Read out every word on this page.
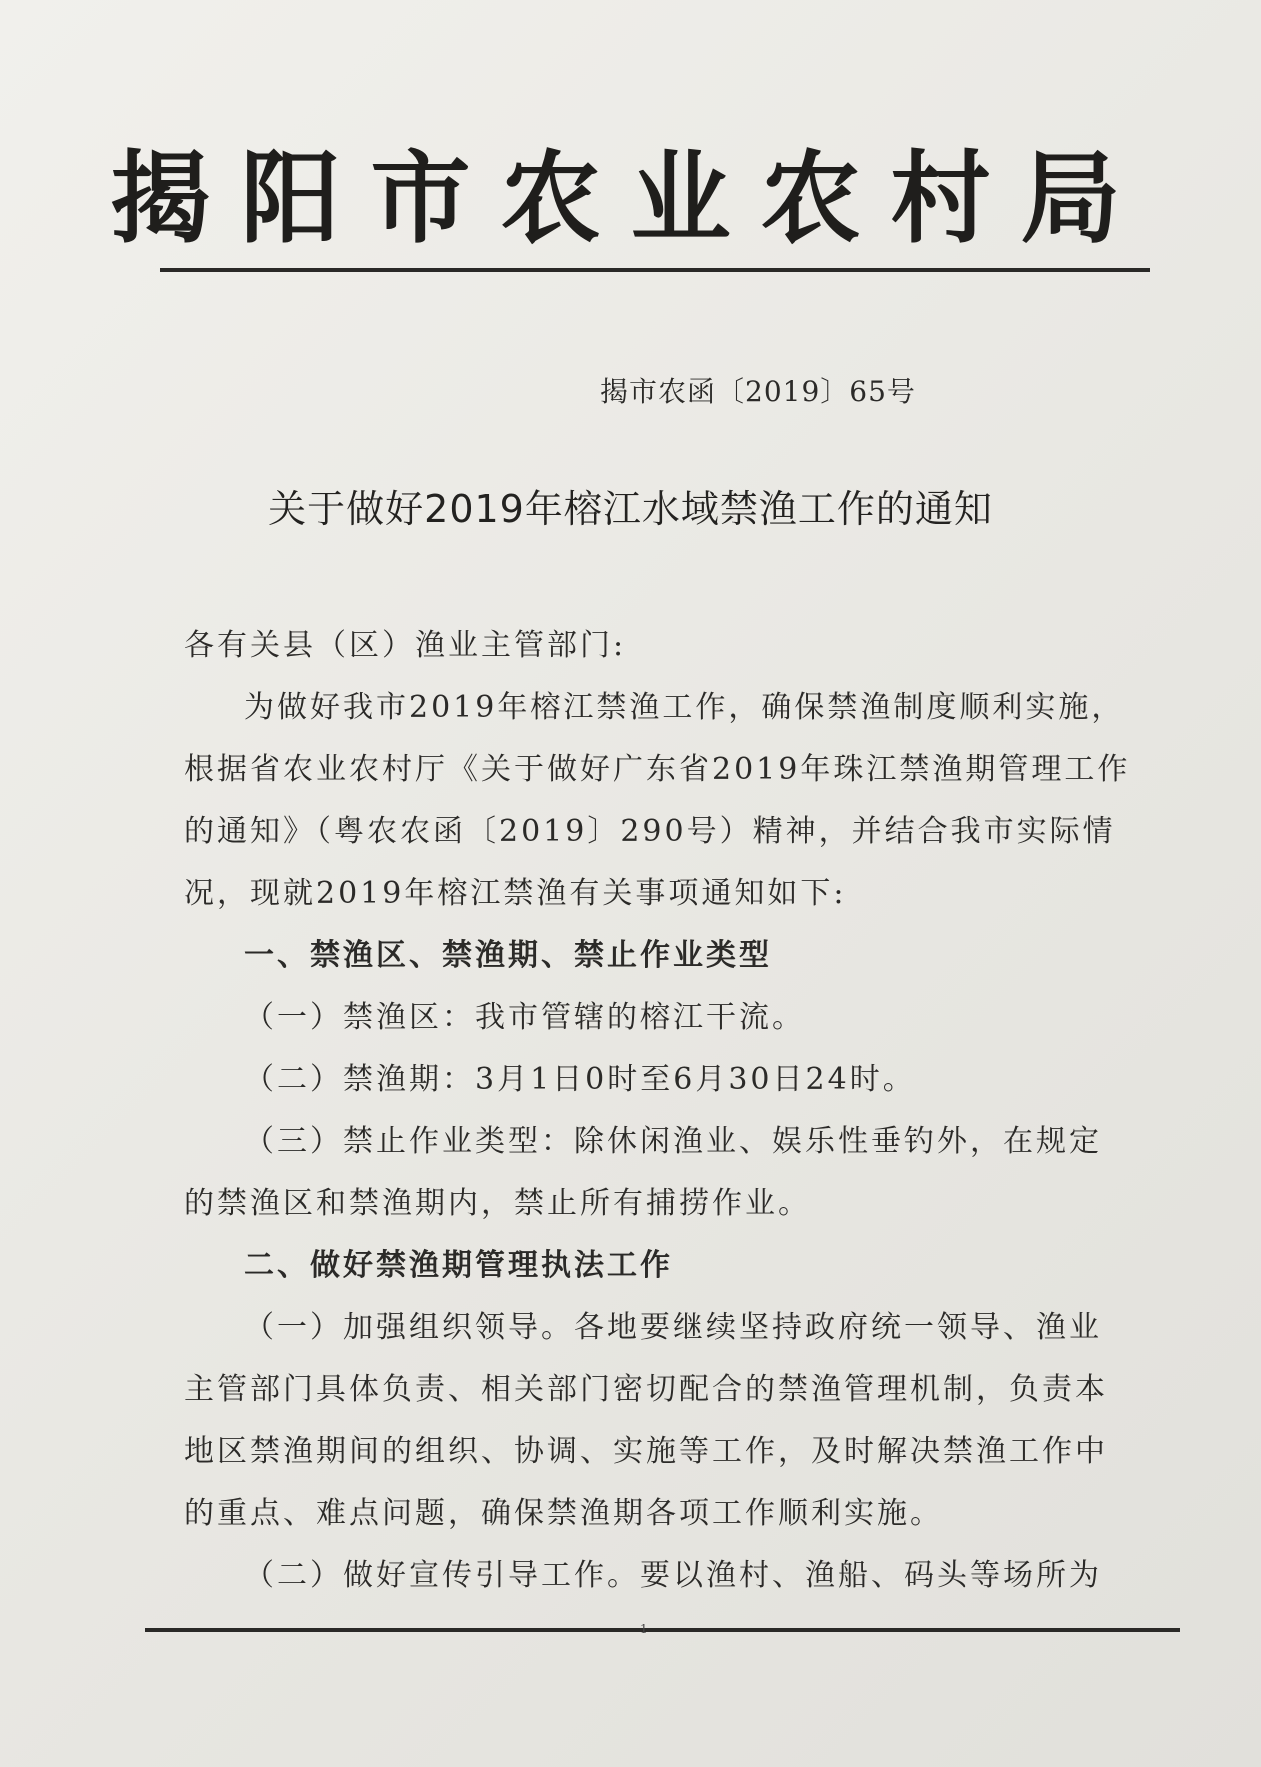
揭阳市农业农村局
揭市农函〔2019〕65号
关于做好2019年榕江水域禁渔工作的通知

各有关县（区）渔业主管部门:

为做好我市2019年榕江禁渔工作，确保禁渔制度顺利实施，根据省农业农村厅《关于做好广东省2019年珠江禁渔期管理工作的通知》（粤农农函〔2019〕290号）精神，并结合我市实际情况，现就2019年榕江禁渔有关事项通知如下:

一、禁渔区、禁渔期、禁止作业类型

（一）禁渔区：我市管辖的榕江干流。

（二）禁渔期：3月1日0时至6月30日24时。

（三）禁止作业类型：除休闲渔业、娱乐性垂钓外，在规定的禁渔区和禁渔期内，禁止所有捕捞作业。

二、做好禁渔期管理执法工作

（一）加强组织领导。各地要继续坚持政府统一领导、渔业主管部门具体负责、相关部门密切配合的禁渔管理机制，负责本地区禁渔期间的组织、协调、实施等工作，及时解决禁渔工作中的重点、难点问题，确保禁渔期各项工作顺利实施。

（二）做好宣传引导工作。要以渔村、渔船、码头等场所为

1
